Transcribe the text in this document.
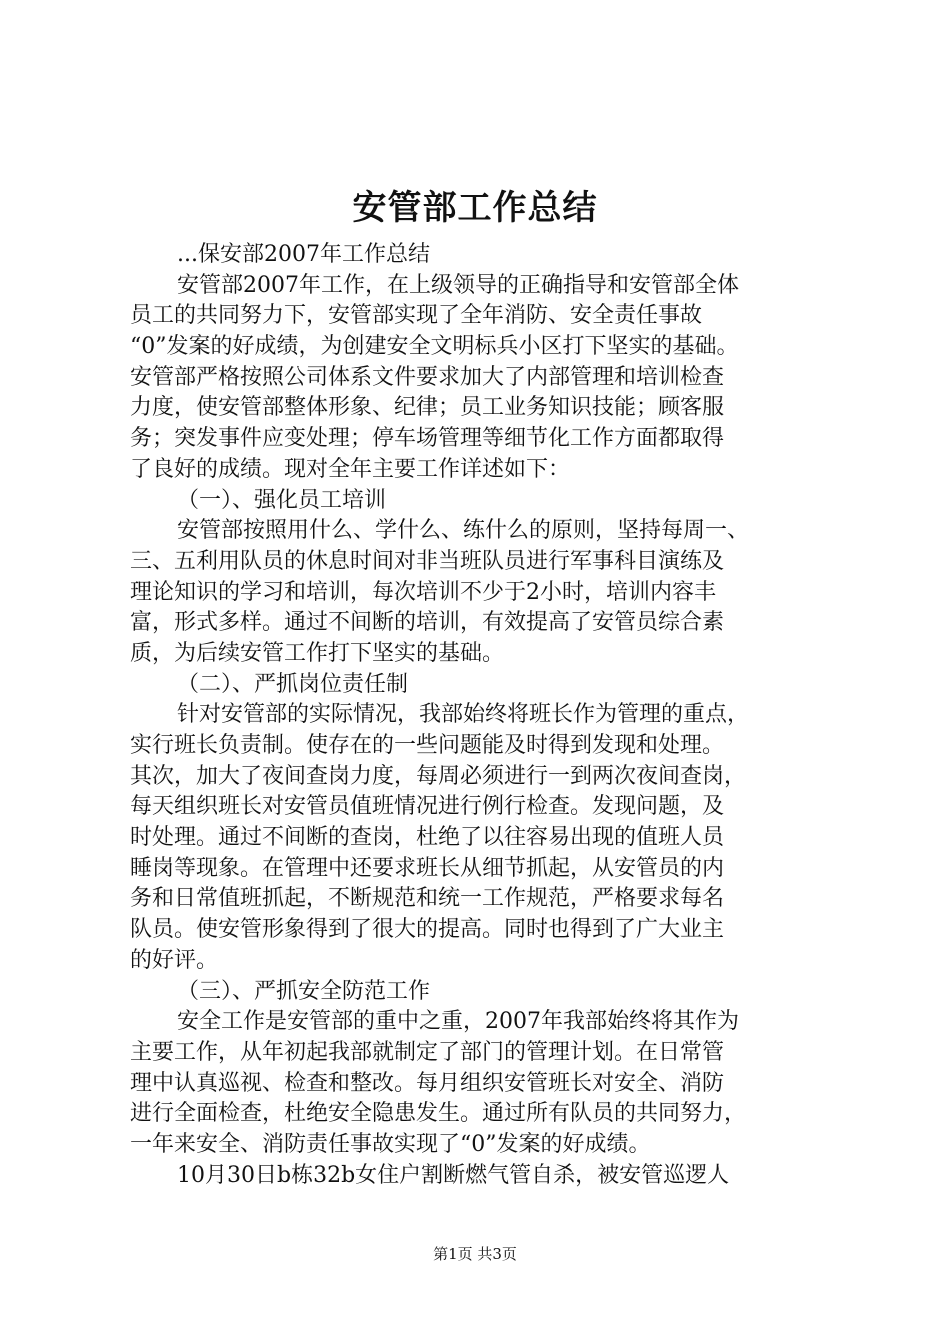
安管部工作总结
...保安部2007年工作总结
安管部2007年工作，在上级领导的正确指导和安管部全体
员工的共同努力下，安管部实现了全年消防、安全责任事故
“0”发案的好成绩，为创建安全文明标兵小区打下坚实的基础。
安管部严格按照公司体系文件要求加大了内部管理和培训检查
力度，使安管部整体形象、纪律；员工业务知识技能；顾客服
务；突发事件应变处理；停车场管理等细节化工作方面都取得
了良好的成绩。现对全年主要工作详述如下：
（一）、强化员工培训
安管部按照用什么、学什么、练什么的原则，坚持每周一、
三、五利用队员的休息时间对非当班队员进行军事科目演练及
理论知识的学习和培训，每次培训不少于2小时，培训内容丰
富，形式多样。通过不间断的培训，有效提高了安管员综合素
质，为后续安管工作打下坚实的基础。
（二）、严抓岗位责任制
针对安管部的实际情况，我部始终将班长作为管理的重点，
实行班长负责制。使存在的一些问题能及时得到发现和处理。
其次，加大了夜间查岗力度，每周必须进行一到两次夜间查岗，
每天组织班长对安管员值班情况进行例行检查。发现问题，及
时处理。通过不间断的查岗，杜绝了以往容易出现的值班人员
睡岗等现象。在管理中还要求班长从细节抓起，从安管员的内
务和日常值班抓起，不断规范和统一工作规范，严格要求每名
队员。使安管形象得到了很大的提高。同时也得到了广大业主
的好评。
（三）、严抓安全防范工作
安全工作是安管部的重中之重，2007年我部始终将其作为
主要工作，从年初起我部就制定了部门的管理计划。在日常管
理中认真巡视、检查和整改。每月组织安管班长对安全、消防
进行全面检查，杜绝安全隐患发生。通过所有队员的共同努力，
一年来安全、消防责任事故实现了“0”发案的好成绩。
10月30日b栋32b女住户割断燃气管自杀，被安管巡逻人
第1页 共3页
